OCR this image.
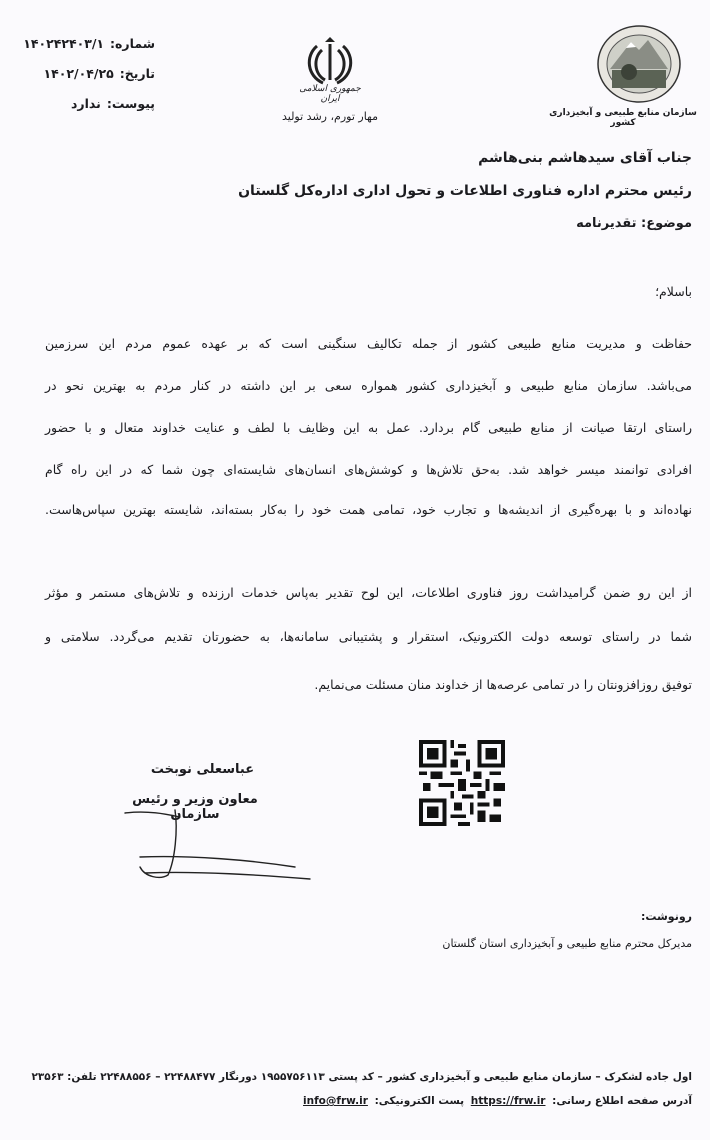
شماره:۱۴۰۲۴۲۴۰۳/۱
تاریخ:۱۴۰۲/۰۴/۲۵
پیوست:ندارد
جمهوری اسلامی ایران
مهار تورم، رشد تولید	سازمان منابع طبیعی و آبخیزداری کشور
جناب آقای سیدهاشم بنی‌هاشم
رئیس محترم اداره فناوری اطلاعات و تحول اداری اداره‌کل گلستان
موضوع: تقدیرنامه
باسلام؛
حفاظت و مدیریت منابع طبیعی کشور از جمله تکالیف سنگینی است که بر عهده عموم مردم این سرزمین
می‌باشد. سازمان منابع طبیعی و آبخیزداری کشور همواره سعی بر این داشته در کنار مردم به بهترین نحو در
راستای ارتقا صیانت از منابع طبیعی گام بردارد. عمل به این وظایف با لطف و عنایت خداوند متعال و با حضور
افرادی توانمند میسر خواهد شد. به‌حق تلاش‌ها و کوشش‌های انسان‌های شایسته‌ای چون شما که در این راه گام
نهاده‌اند و با بهره‌گیری از اندیشه‌ها و تجارب خود، تمامی همت خود را به‌کار بسته‌اند، شایسته بهترین سپاس‌هاست.
از این رو ضمن گرامیداشت روز فناوری اطلاعات، این لوح تقدیر به‌پاس خدمات ارزنده و تلاش‌های مستمر و مؤثر
شما در راستای توسعه دولت الکترونیک، استقرار و پشتیبانی سامانه‌ها، به حضورتان تقدیم می‌گردد. سلامتی و
توفیق روزافزونتان را در تمامی عرصه‌ها از خداوند منان مسئلت می‌نمایم.
عباسعلی نوبخت
معاون وزیر و رئیس سازمان
رونوشت:
مدیرکل محترم منابع طبیعی و آبخیزداری استان گلستان
اول جاده لشکرک – سازمان منابع طبیعی و آبخیزداری کشور – کد پستی ۱۹۵۵۷۵۶۱۱۳ دورنگار ۲۲۴۸۸۴۷۷ – ۲۲۴۸۸۵۵۶ تلفن: ۲۳۵۶۳
آدرس صفحه اطلاع رسانی: https://frw.ir پست الکترونیکی: info@frw.ir
